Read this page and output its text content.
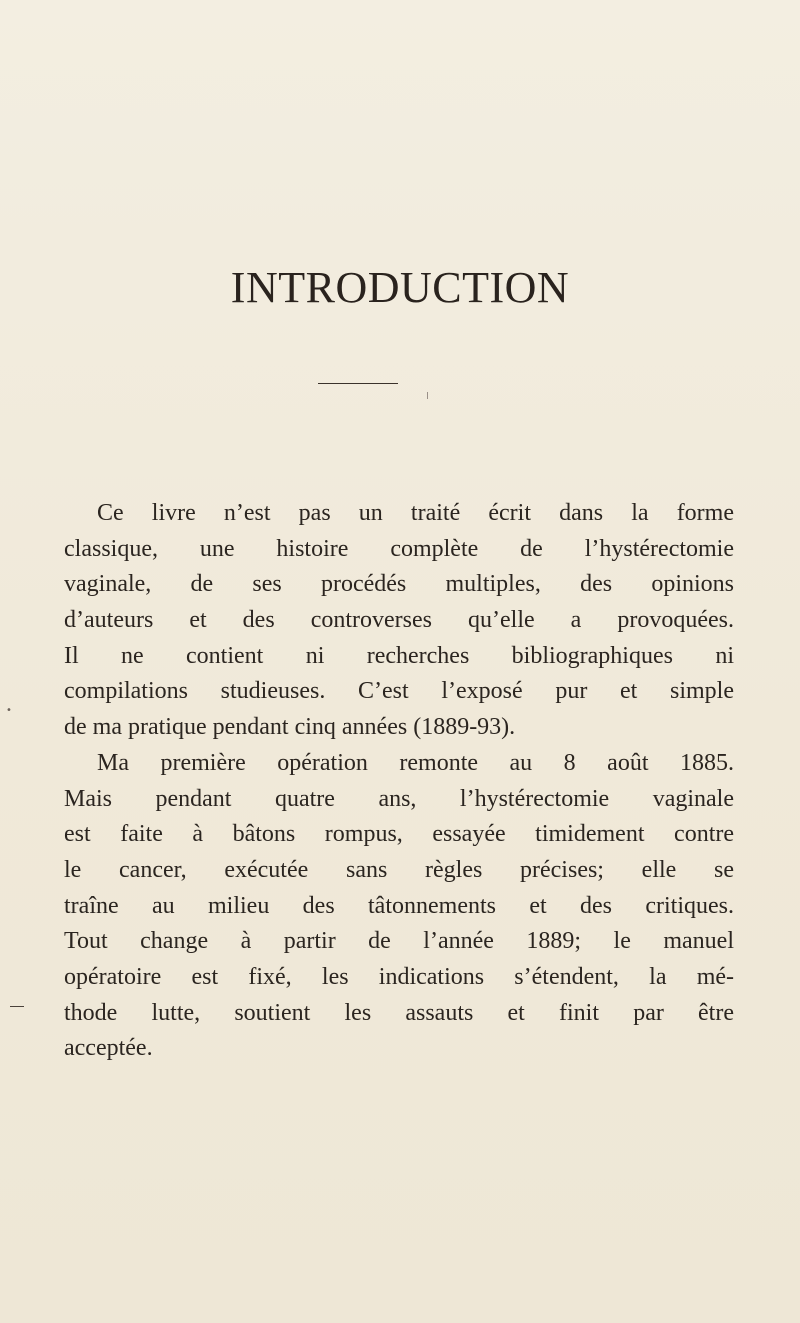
INTRODUCTION
Ce livre n’est pas un traité écrit dans la forme
classique, une histoire complète de l’hystérectomie
vaginale, de ses procédés multiples, des opinions
d’auteurs et des controverses qu’elle a provoquées.
Il ne contient ni recherches bibliographiques ni
compilations studieuses. C’est l’exposé pur et simple
de ma pratique pendant cinq années (1889-93).
Ma première opération remonte au 8 août 1885.
Mais pendant quatre ans, l’hystérectomie vaginale
est faite à bâtons rompus, essayée timidement contre
le cancer, exécutée sans règles précises; elle se
traîne au milieu des tâtonnements et des critiques.
Tout change à partir de l’année 1889; le manuel
opératoire est fixé, les indications s’étendent, la mé-
thode lutte, soutient les assauts et finit par être
acceptée.
•
